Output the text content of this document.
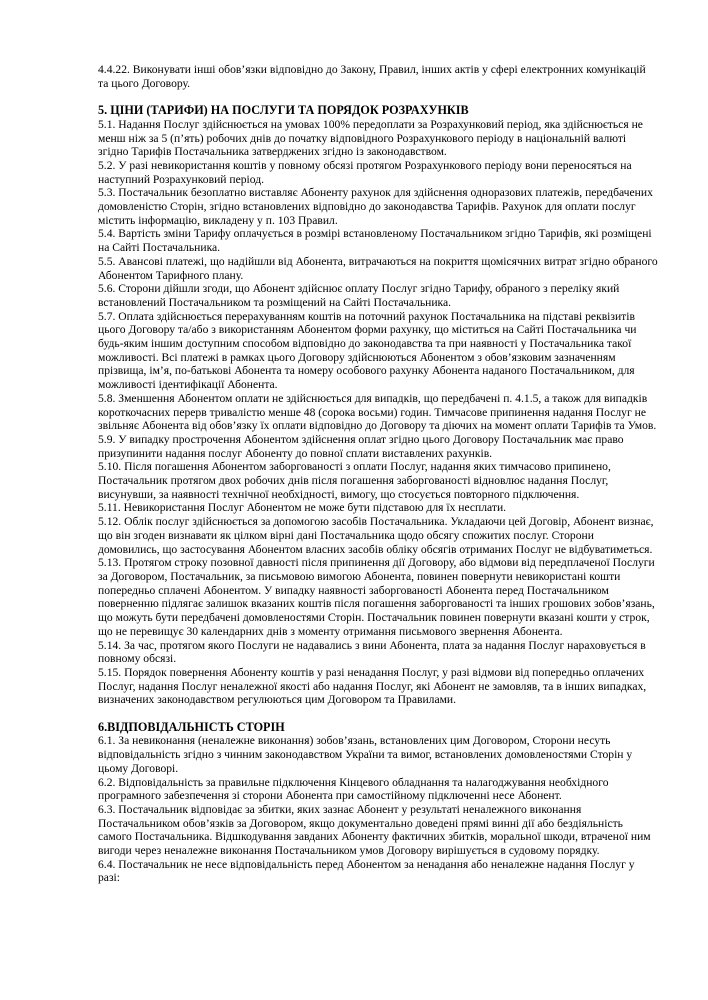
4.4.22. Виконувати інші обов’язки відповідно до Закону, Правил, інших актів у сфері електронних комунікацій та цього Договору.

5. ЦІНИ (ТАРИФИ) НА ПОСЛУГИ ТА ПОРЯДОК РОЗРАХУНКІВ

5.1. Надання Послуг здійснюється на умовах 100% передоплати за Розрахунковий період, яка здійснюється не менш ніж за 5 (п’ять) робочих днів до початку відповідного Розрахункового періоду в національній валюті згідно Тарифів Постачальника затверджених згідно із законодавством.

5.2. У разі невикористання коштів у повному обсязі протягом Розрахункового періоду вони переносяться на наступний Розрахунковий період.

5.3. Постачальник безоплатно виставляє Абоненту рахунок для здійснення одноразових платежів, передбачених домовленістю Сторін, згідно встановлених відповідно до законодавства Тарифів. Рахунок для оплати послуг містить інформацію, викладену у п. 103 Правил.

5.4. Вартість зміни Тарифу оплачується в розмірі встановленому Постачальником згідно Тарифів, які розміщені на Сайті Постачальника.

5.5. Авансові платежі, що надійшли від Абонента, витрачаються на покриття щомісячних витрат згідно обраного Абонентом Тарифного плану.

5.6. Сторони дійшли згоди, що Абонент здійснює оплату Послуг згідно Тарифу, обраного з переліку який встановлений Постачальником та розміщений на Сайті Постачальника.

5.7. Оплата здійснюється перерахуванням коштів на поточний рахунок Постачальника на підставі реквізитів цього Договору та/або з використанням Абонентом форми рахунку, що міститься на Сайті Постачальника чи будь-яким іншим доступним способом відповідно до законодавства та при наявності у Постачальника такої можливості. Всі платежі в рамках цього Договору здійснюються Абонентом з обов’язковим зазначенням прізвища, ім’я, по-батькові Абонента та номеру особового рахунку Абонента наданого Постачальником, для можливості ідентифікації Абонента.

5.8. Зменшення Абонентом оплати не здійснюється для випадків, що передбачені п. 4.1.5, а також для випадків короткочасних перерв тривалістю менше 48 (сорока восьми) годин. Тимчасове припинення надання Послуг не звільняє Абонента від обов’язку їх оплати відповідно до Договору та діючих на момент оплати Тарифів та Умов.

5.9. У випадку прострочення Абонентом здійснення оплат згідно цього Договору Постачальник має право призупинити надання послуг Абоненту до повної сплати виставлених рахунків.

5.10. Після погашення Абонентом заборгованості з оплати Послуг, надання яких тимчасово припинено, Постачальник протягом двох робочих днів після погашення заборгованості відновлює надання Послуг, висунувши, за наявності технічної необхідності, вимогу, що стосується повторного підключення.

5.11. Невикористання Послуг Абонентом не може бути підставою для їх несплати.

5.12. Облік послуг здійснюється за допомогою засобів Постачальника. Укладаючи цей Договір, Абонент визнає, що він згоден визнавати як цілком вірні дані Постачальника щодо обсягу спожитих послуг. Сторони домовились, що застосування Абонентом власних засобів обліку обсягів отриманих Послуг не відбуватиметься.

5.13. Протягом строку позовної давності після припинення дії Договору, або відмови від передплаченої Послуги за Договором, Постачальник, за письмовою вимогою Абонента, повинен повернути невикористані кошти попередньо сплачені Абонентом. У випадку наявності заборгованості Абонента перед Постачальником поверненню підлягає залишок вказаних коштів після погашення заборгованості та інших грошових зобов’язань, що можуть бути передбачені домовленостями Сторін. Постачальник повинен повернути вказані кошти у строк, що не перевищує 30 календарних днів з моменту отримання письмового звернення Абонента.

5.14. За час, протягом якого Послуги не надавались з вини Абонента, плата за надання Послуг нараховується в повному обсязі.

5.15. Порядок повернення Абоненту коштів у разі ненадання Послуг, у разі відмови від попередньо оплачених Послуг, надання Послуг неналежної якості або надання Послуг, які Абонент не замовляв, та в інших випадках, визначених законодавством регулюються цим Договором та Правилами.

6.ВІДПОВІДАЛЬНІСТЬ СТОРІН

6.1. За невиконання (неналежне виконання) зобов’язань, встановлених цим Договором, Сторони несуть відповідальність згідно з чинним законодавством України та вимог, встановлених домовленостями Сторін у цьому Договорі.

6.2. Відповідальність за правильне підключення Кінцевого обладнання та налагоджування необхідного програмного забезпечення зі сторони Абонента при самостійному підключенні несе Абонент.

6.3. Постачальник відповідає за збитки, яких зазнає Абонент у результаті неналежного виконання Постачальником обов’язків за Договором, якщо документально доведені прямі винні дії або бездіяльність самого Постачальника. Відшкодування завданих Абоненту фактичних збитків, моральної шкоди, втраченої ним вигоди через неналежне виконання Постачальником умов Договору вирішується в судовому порядку.

6.4. Постачальник не несе відповідальність перед Абонентом за ненадання або неналежне надання Послуг у разі:
